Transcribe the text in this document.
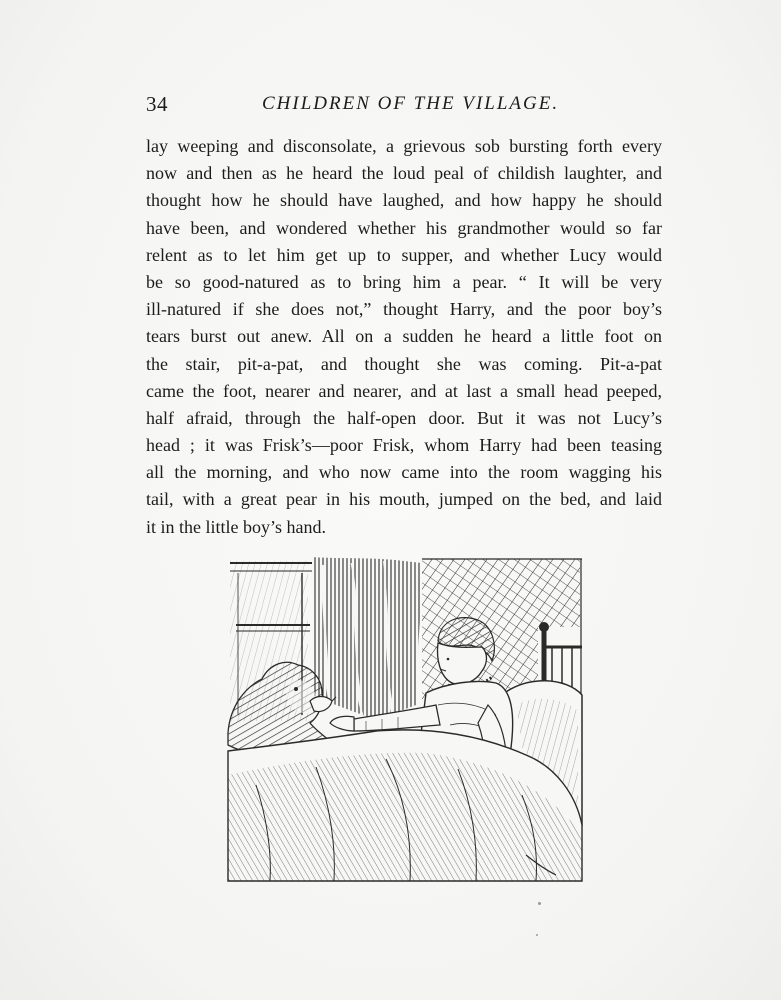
34	CHILDREN OF THE VILLAGE.
lay weeping and disconsolate, a grievous sob bursting forth every
now and then as he heard the loud peal of childish laughter, and
thought how he should have laughed, and how happy he should
have been, and wondered whether his grandmother would so far
relent as to let him get up to supper, and whether Lucy would
be so good-natured as to bring him a pear. “ It will be very
ill-natured if she does not,” thought Harry, and the poor boy’s
tears burst out anew. All on a sudden he heard a little foot on
the stair, pit-a-pat, and thought she was coming. Pit-a-pat
came the foot, nearer and nearer, and at last a small head peeped,
half afraid, through the half-open door. But it was not Lucy’s
head ; it was Frisk’s—poor Frisk, whom Harry had been teasing
all the morning, and who now came into the room wagging his
tail, with a great pear in his mouth, jumped on the bed, and laid
it in the little boy’s hand.
